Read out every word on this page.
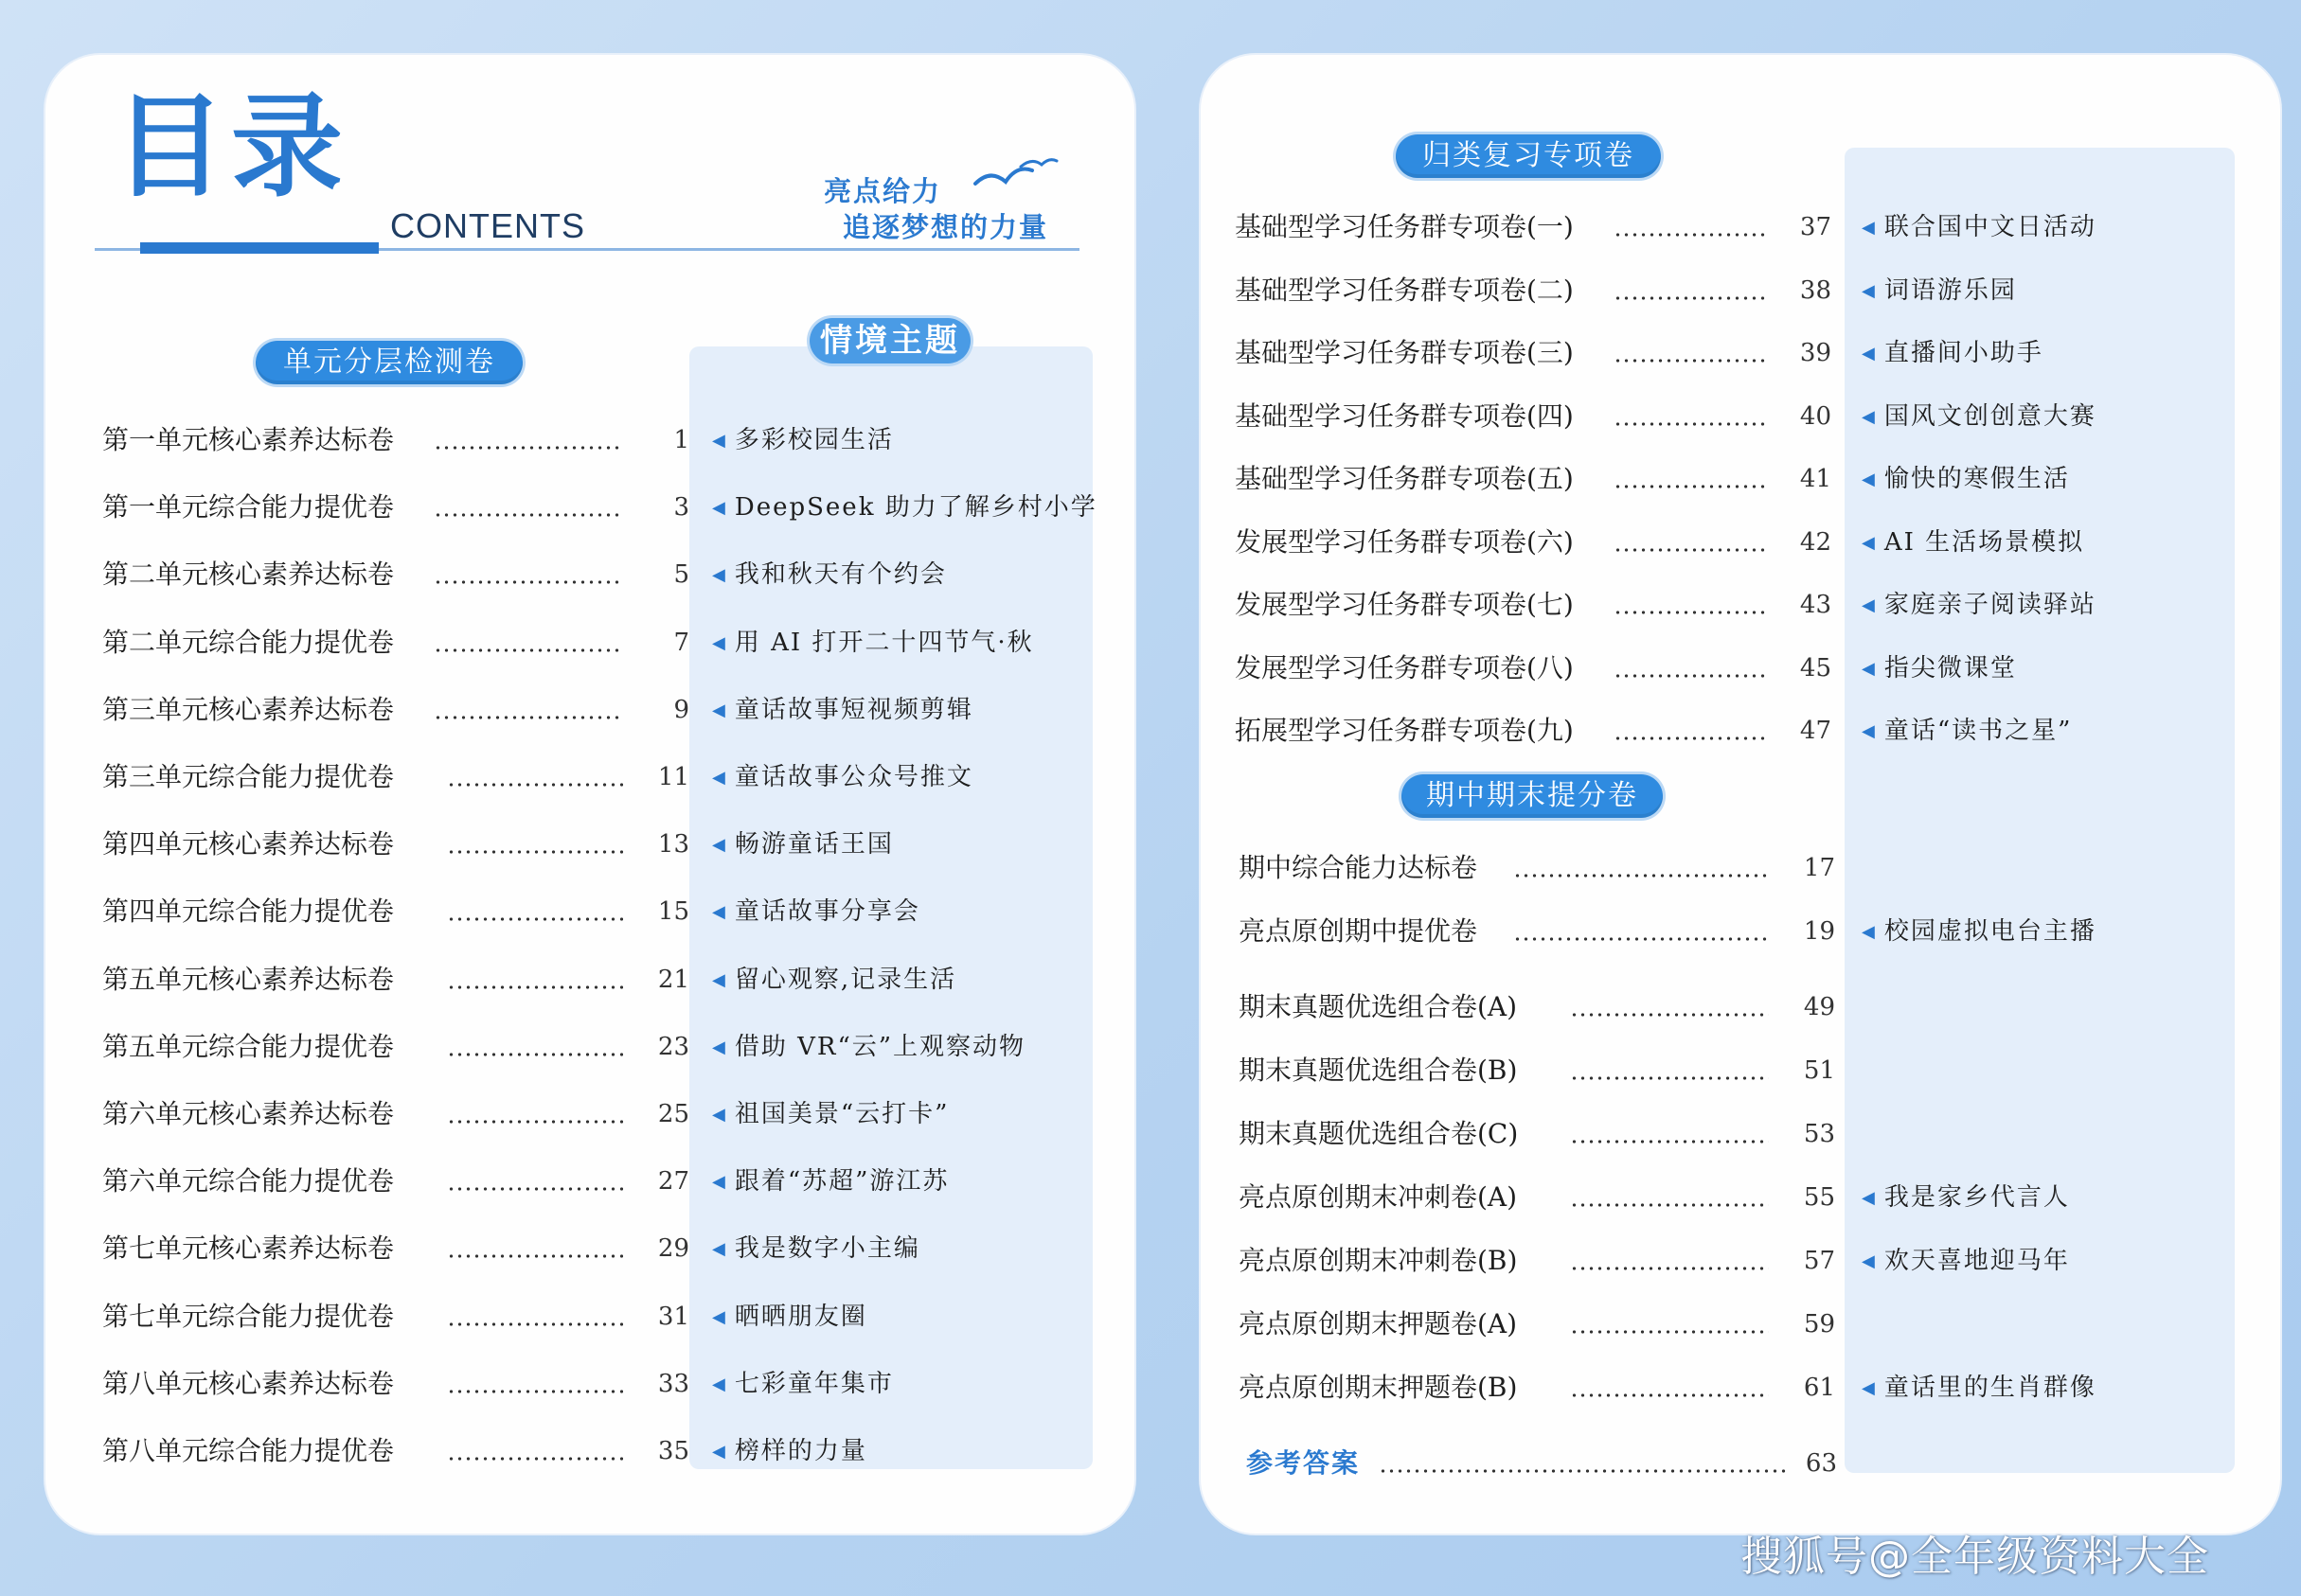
目录
CONTENTS
亮点给力
追逐梦想的力量
单元分层检测卷
情境主题
归类复习专项卷
期中期末提分卷
第一单元核心素养达标卷	1 ◀ 多彩校园生活
第一单元综合能力提优卷	3 ◀ DeepSeek 助力了解乡村小学
第二单元核心素养达标卷	5 ◀ 我和秋天有个约会
第二单元综合能力提优卷	7 ◀ 用 AI 打开二十四节气·秋
第三单元核心素养达标卷	9 ◀ 童话故事短视频剪辑
第三单元综合能力提优卷	11 ◀ 童话故事公众号推文
第四单元核心素养达标卷	13 ◀ 畅游童话王国
第四单元综合能力提优卷	15 ◀ 童话故事分享会
第五单元核心素养达标卷	21 ◀ 留心观察,记录生活
第五单元综合能力提优卷	23 ◀ 借助 VR“云”上观察动物
第六单元核心素养达标卷	25 ◀ 祖国美景“云打卡”
第六单元综合能力提优卷	27 ◀ 跟着“苏超”游江苏
第七单元核心素养达标卷	29 ◀ 我是数字小主编
第七单元综合能力提优卷	31 ◀ 晒晒朋友圈
第八单元核心素养达标卷	33 ◀ 七彩童年集市
第八单元综合能力提优卷	35 ◀ 榜样的力量
基础型学习任务群专项卷(一)	37 ◀ 联合国中文日活动
基础型学习任务群专项卷(二)	38 ◀ 词语游乐园
基础型学习任务群专项卷(三)	39 ◀ 直播间小助手
基础型学习任务群专项卷(四)	40 ◀ 国风文创创意大赛
基础型学习任务群专项卷(五)	41 ◀ 愉快的寒假生活
发展型学习任务群专项卷(六)	42 ◀ AI 生活场景模拟
发展型学习任务群专项卷(七)	43 ◀ 家庭亲子阅读驿站
发展型学习任务群专项卷(八)	45 ◀ 指尖微课堂
拓展型学习任务群专项卷(九)	47 ◀ 童话“读书之星”
期中综合能力达标卷	17
亮点原创期中提优卷	19 ◀ 校园虚拟电台主播
期末真题优选组合卷(A)	49
期末真题优选组合卷(B)	51
期末真题优选组合卷(C)	53
亮点原创期末冲刺卷(A)	55 ◀ 我是家乡代言人
亮点原创期末冲刺卷(B)	57 ◀ 欢天喜地迎马年
亮点原创期末押题卷(A)	59
亮点原创期末押题卷(B)	61 ◀ 童话里的生肖群像
参考答案	63
搜狐号@全年级资料大全
